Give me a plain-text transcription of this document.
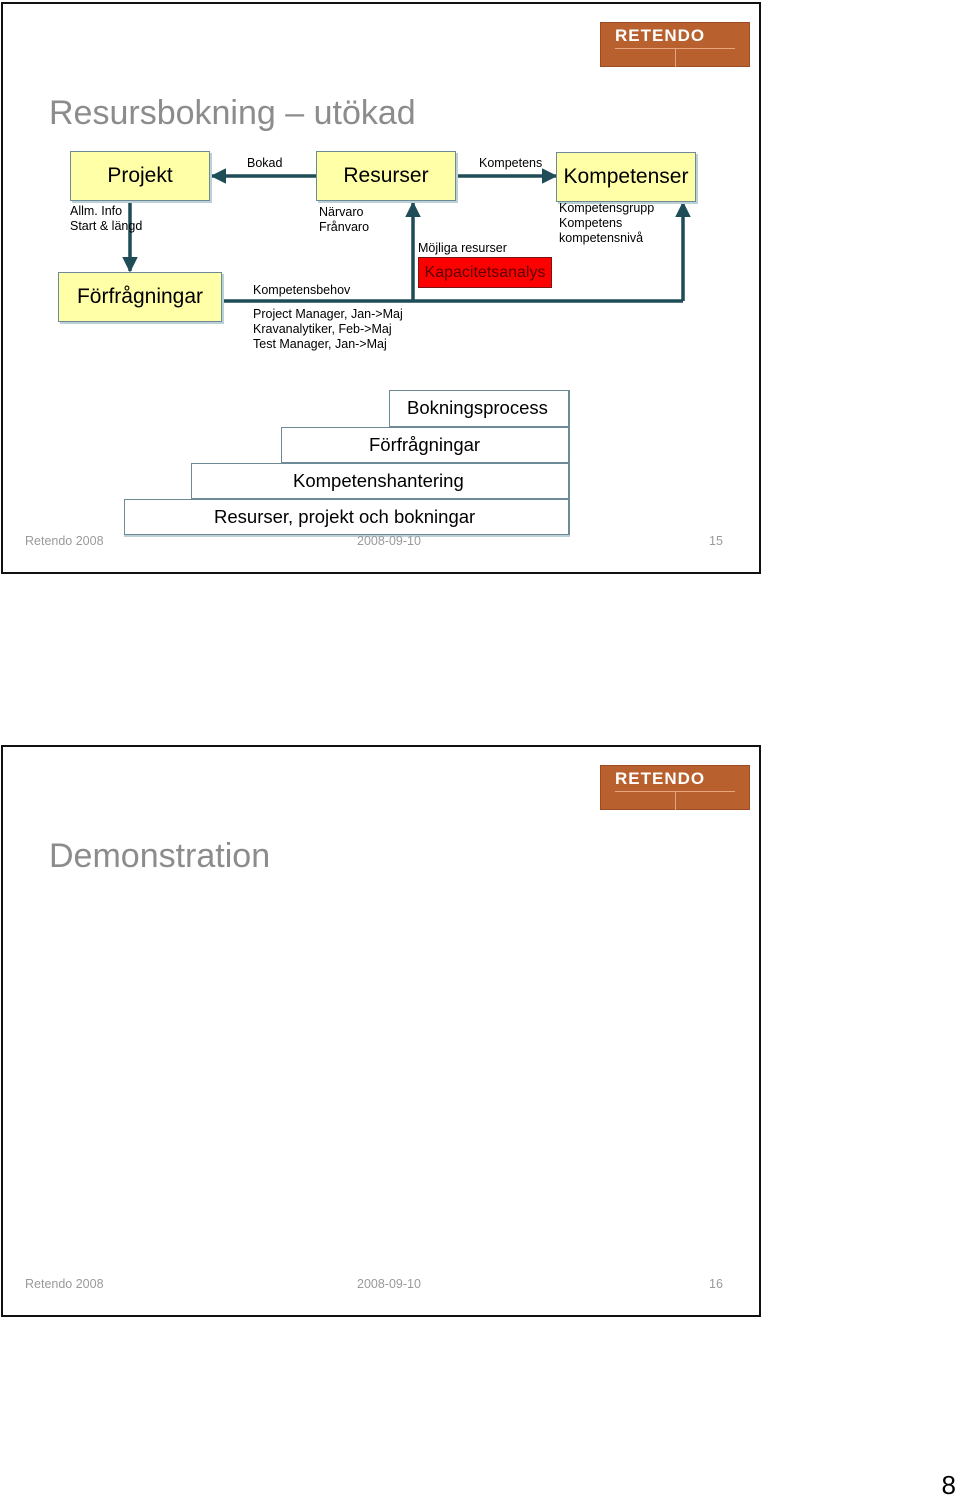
RETENDO
Resursbokning – utökad
Projekt	Resurser	Kompetenser
Förfrågningar
Kapacitetsanalys
Bokad	Kompetens
Möjliga resurser
Kompetensbehov
Allm. Info
Start & längd
Närvaro
Frånvaro
Kompetensgrupp
Kompetens
kompetensnivå
Project Manager, Jan->Maj
Kravanalytiker, Feb->Maj
Test Manager, Jan->Maj
Bokningsprocess
Förfrågningar
Kompetenshantering
Resurser, projekt och bokningar
Retendo 2008	2008-09-10	15
RETENDO
Demonstration
Retendo 2008	2008-09-10	16
8
